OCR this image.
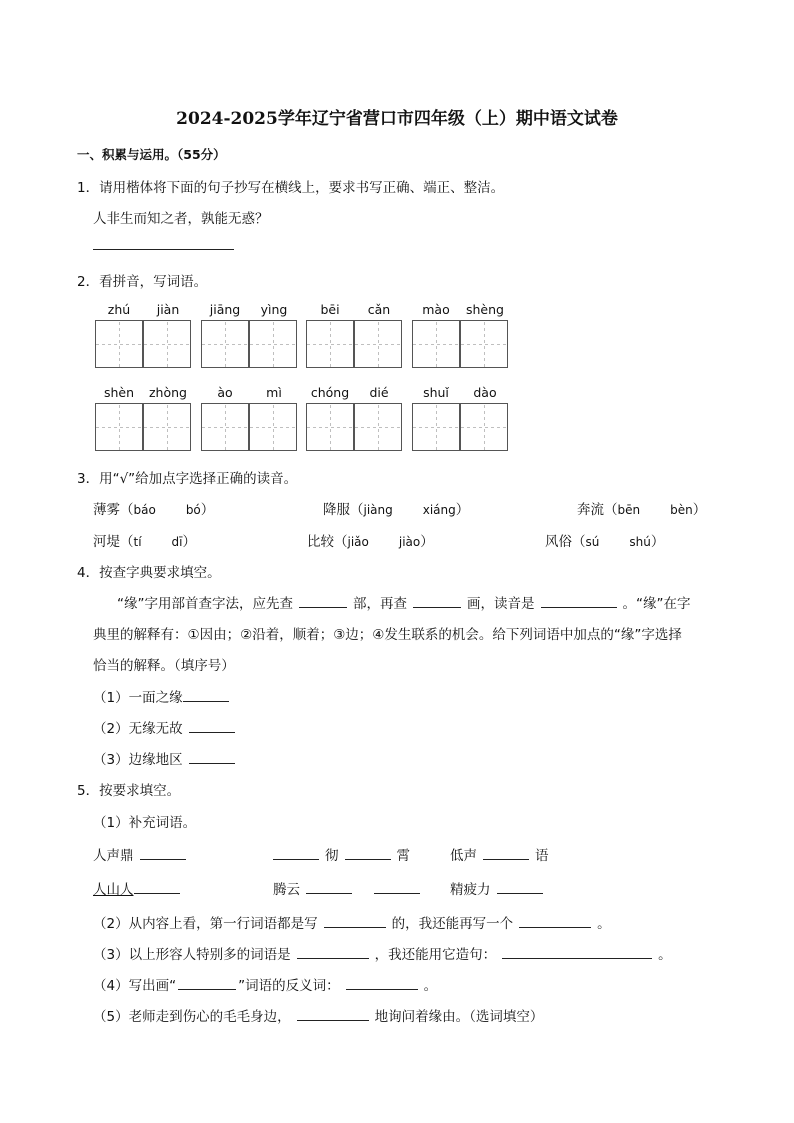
2024-2025学年辽宁省营口市四年级（上）期中语文试卷
一、积累与运用。（55分）
1．请用楷体将下面的句子抄写在横线上，要求书写正确、端正、整洁。
人非生而知之者，孰能无惑？
2．看拼音，写词语。
zhú	jiàn	jiāng	yìng	bēi	cǎn	mào	shèng
shèn	zhòng	ào	mì	chóng	dié	shuǐ	dào
3．用“√”给加点字选择正确的读音。
薄雾（báo	bó）	降服（jiàng	xiáng）	奔流（bēn	bèn）
河堤（tí	dī）	比较（jiǎo	jiào）	风俗（sú	shú）
4．按查字典要求填空。
“缘”字用部首查字法，应先查	部，再查	画，读音是	。“缘”在字
典里的解释有：①因由；②沿着，顺着；③边；④发生联系的机会。给下列词语中加点的“缘”字选择
恰当的解释。（填序号）
（1）一面之缘
（2）无缘无故
（3）边缘地区
5．按要求填空。
（1）补充词语。
人声鼎	彻	霄	低声	语
人山人	腾云	精疲力
（2）从内容上看，第一行词语都是写	的，我还能再写一个	。
（3）以上形容人特别多的词语是	，我还能用它造句：	。
（4）写出画“	”词语的反义词：	。
（5）老师走到伤心的毛毛身边，	地询问着缘由。（选词填空）
